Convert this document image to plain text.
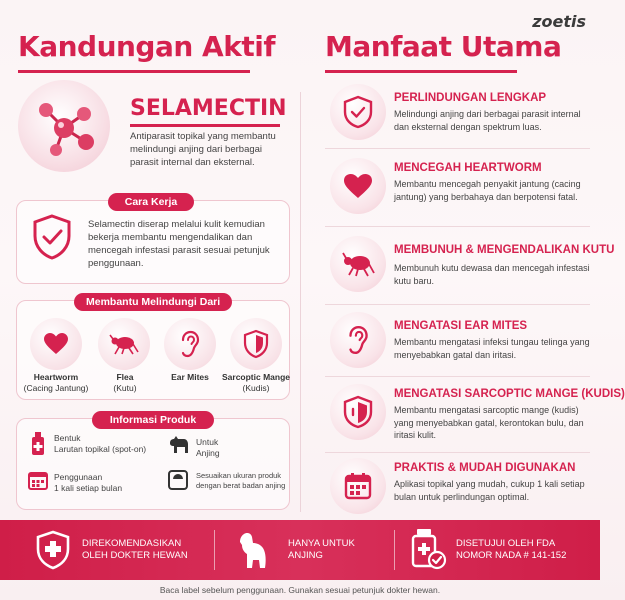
zoetis
Kandungan Aktif Manfaat Utama
SELAMECTIN
Antiparasit topikal yang membantu melindungi anjing dari berbagai parasit internal dan eksternal.
Cara Kerja
Selamectin diserap melalui kulit kemudian bekerja membantu mengendalikan dan mencegah infestasi parasit sesuai petunjuk penggunaan.
Membantu Melindungi Dari
Heartworm
(Cacing Jantung)
Flea
(Kutu)
Ear Mites	Sarcoptic Mange
(Kudis)
Informasi Produk
Bentuk
Larutan topikal (spot-on)
Untuk
Anjing
Penggunaan
1 kali setiap bulan
Sesuaikan ukuran produk
dengan berat badan anjing
PERLINDUNGAN LENGKAP
Melindungi anjing dari berbagai parasit internal dan eksternal dengan spektrum luas.
MENCEGAH HEARTWORM
Membantu mencegah penyakit jantung (cacing jantung) yang berbahaya dan berpotensi fatal.
MEMBUNUH & MENGENDALIKAN KUTU
Membunuh kutu dewasa dan mencegah infestasi kutu baru.
MENGATASI EAR MITES
Membantu mengatasi infeksi tungau telinga yang menyebabkan gatal dan iritasi.
MENGATASI SARCOPTIC MANGE (KUDIS)
Membantu mengatasi sarcoptic mange (kudis) yang menyebabkan gatal, kerontokan bulu, dan iritasi kulit.
PRAKTIS & MUDAH DIGUNAKAN
Aplikasi topikal yang mudah, cukup 1 kali setiap bulan untuk perlindungan optimal.
DIREKOMENDASIKAN
OLEH DOKTER HEWAN
HANYA UNTUK
ANJING
DISETUJUI OLEH FDA
NOMOR NADA # 141-152
Baca label sebelum penggunaan. Gunakan sesuai petunjuk dokter hewan.
